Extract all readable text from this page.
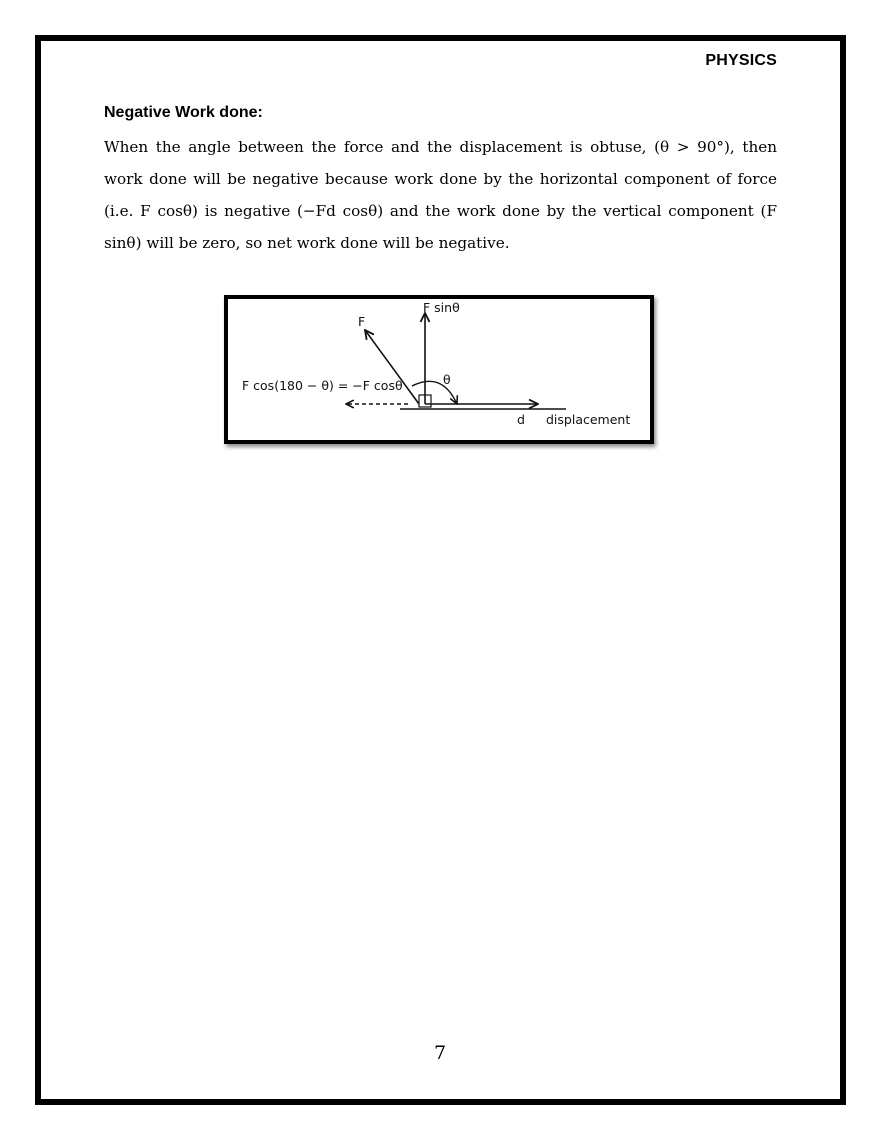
PHYSICS
Negative Work done:

When the angle between the force and the displacement is obtuse, (θ > 90°), then work done will be negative because work done by the horizontal component of force (i.e. F cosθ) is negative (−Fd cosθ) and the work done by the vertical component (F sinθ) will be zero, so net work done will be negative.

F sinθ
F
θ
F cos(180 − θ) = −F cosθ
d displacement
7
